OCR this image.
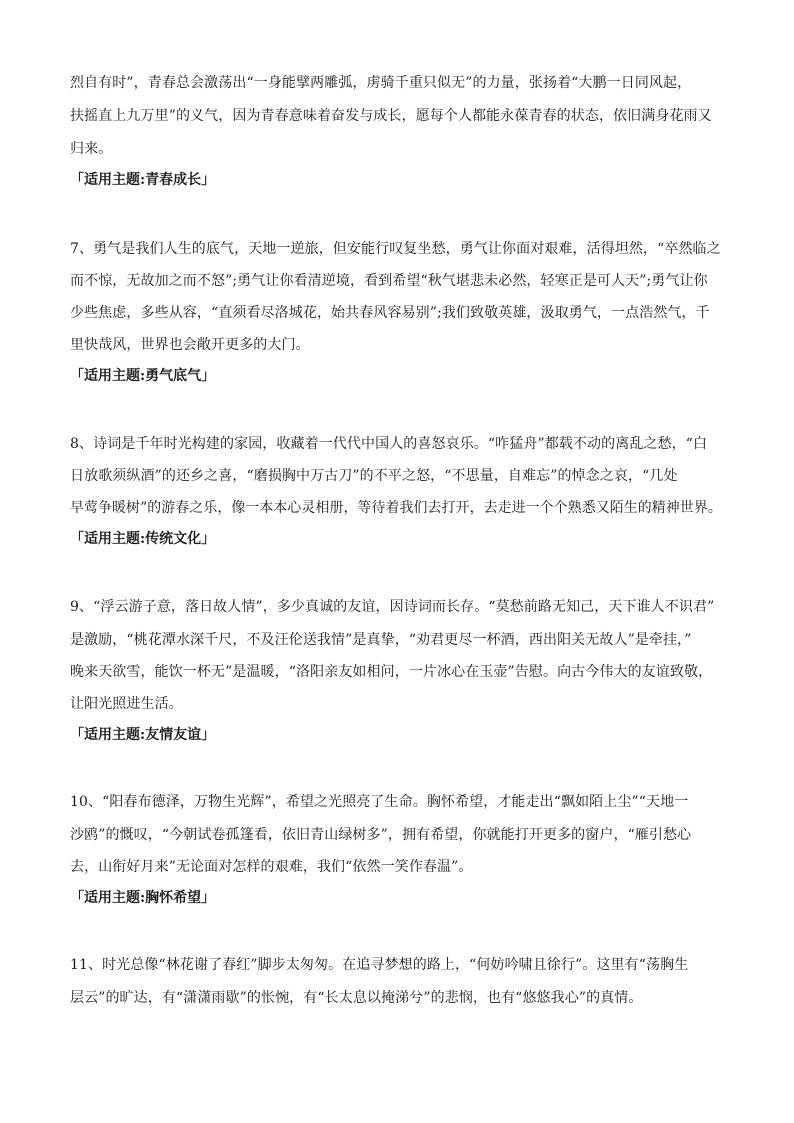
烈自有时”，青春总会激荡出“一身能擘两雕弧，虏骑千重只似无”的力量，张扬着“大鹏一日同风起，
扶摇直上九万里”的义气，因为青春意味着奋发与成长，愿每个人都能永葆青春的状态，依旧满身花雨又
归来。
「适用主题:青春成长」
7、勇气是我们人生的底气，天地一逆旅，但安能行叹复坐愁，勇气让你面对艰难，活得坦然，“卒然临之
而不惊，无故加之而不怒”;勇气让你看清逆境，看到希望“秋气堪悲未必然，轻寒正是可人天”;勇气让你
少些焦虑，多些从容，“直须看尽洛城花，始共春风容易别”;我们致敬英雄，汲取勇气，一点浩然气，千
里快哉风，世界也会敞开更多的大门。
「适用主题:勇气底气」
8、诗词是千年时光构建的家园，收藏着一代代中国人的喜怒哀乐。“咋猛舟”都载不动的离乱之愁，“白
日放歌须纵酒”的还乡之喜，“磨损胸中万古刀”的不平之怒，“不思量，自难忘”的悼念之哀，“几处
早莺争暖树”的游春之乐，像一本本心灵相册，等待着我们去打开，去走进一个个熟悉又陌生的精神世界。
「适用主题:传统文化」
9、“浮云游子意，落日故人情”，多少真诚的友谊，因诗词而长存。“莫愁前路无知己，天下谁人不识君”
是激励，“桃花潭水深千尺，不及汪伦送我情”是真挚，“劝君更尽一杯酒，西出阳关无故人”是牵挂，”
晚来天欲雪，能饮一杯无”是温暖，“洛阳亲友如相问，一片冰心在玉壶”告慰。向古今伟大的友谊致敬，
让阳光照进生活。
「适用主题:友情友谊」
10、“阳春布德泽，万物生光辉”，希望之光照亮了生命。胸怀希望，才能走出“飘如陌上尘”“天地一
沙鸥”的慨叹，“今朝试卷孤篷看，依旧青山绿树多”，拥有希望，你就能打开更多的窗户，“雁引愁心
去，山衔好月来”无论面对怎样的艰难，我们“依然一笑作春温”。
「适用主题:胸怀希望」
11、时光总像“林花谢了春红”脚步太匆匆。在追寻梦想的路上，“何妨吟啸且徐行”。这里有“荡胸生
层云”的旷达，有“潇潇雨歇”的怅惋，有“长太息以掩涕兮”的悲悯，也有“悠悠我心”的真情。
